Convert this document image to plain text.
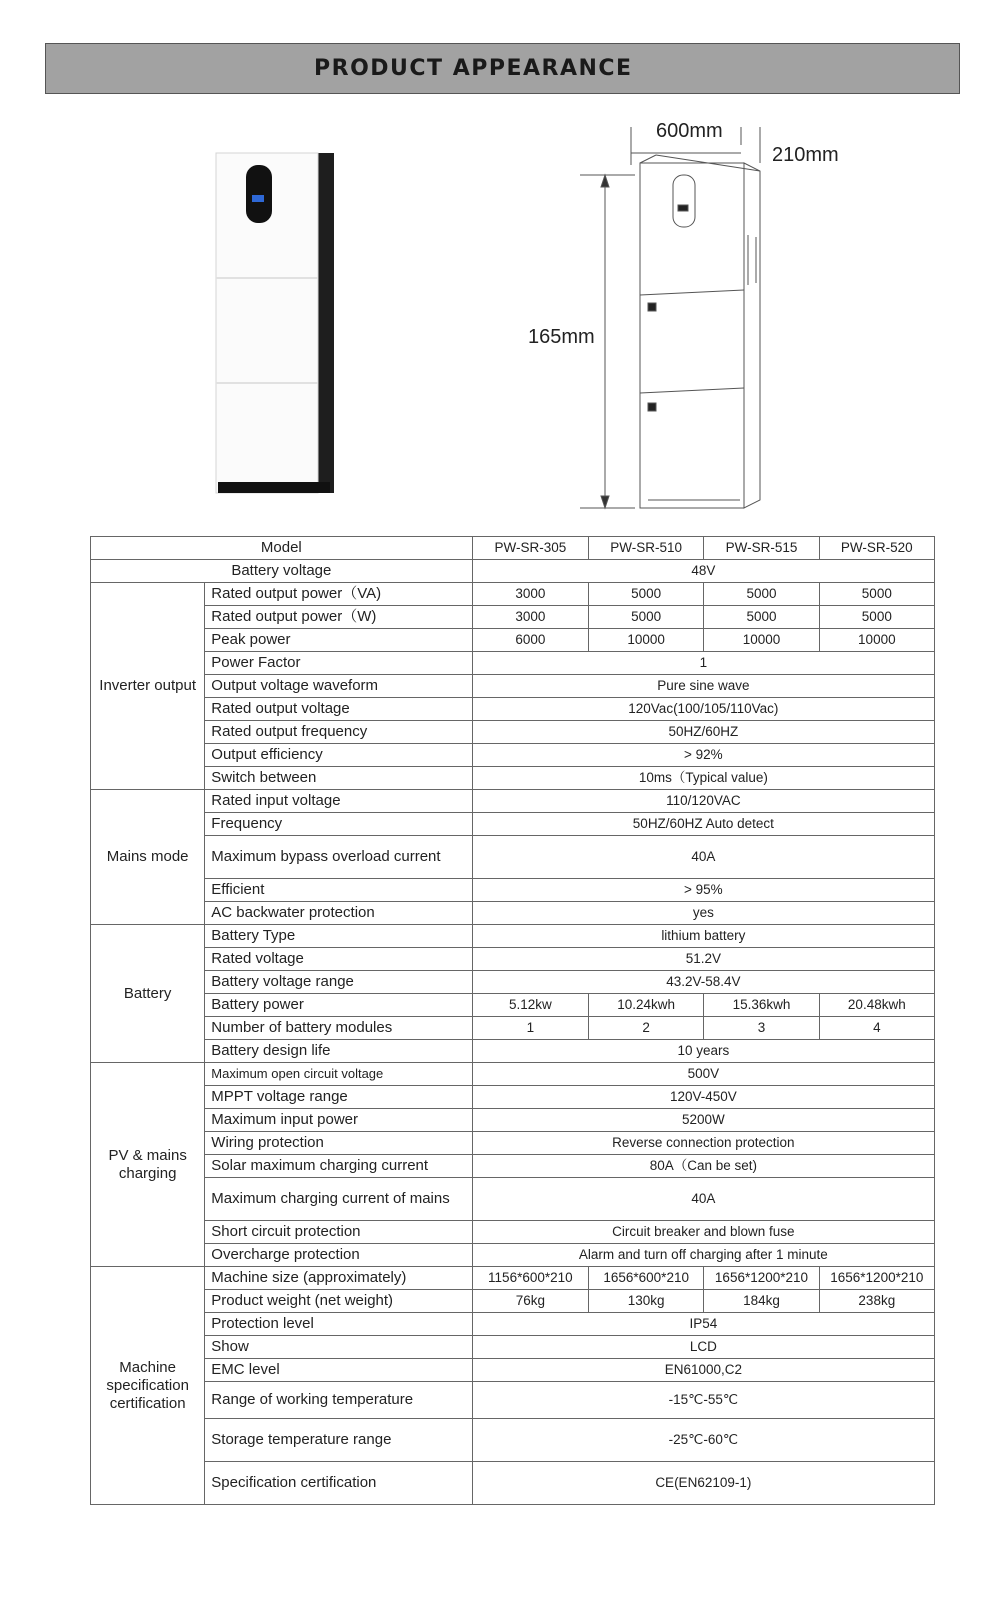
PRODUCT APPEARANCE
600mm
210mm
165mm
Model		PW-SR-305	PW-SR-510	PW-SR-515	PW-SR-520
Battery voltage		48V			
Inverter output	Rated output power（VA)	3000	5000	5000	5000
	Rated output power（W)	3000	5000	5000	5000
	Peak power	6000	10000	10000	10000
	Power Factor	1			
	Output voltage waveform	Pure sine wave			
	Rated output voltage	120Vac(100/105/110Vac)			
	Rated output frequency	50HZ/60HZ			
	Output efficiency	> 92%			
	Switch between	10ms（Typical value)			
Mains mode	Rated input voltage	110/120VAC			
	Frequency	50HZ/60HZ Auto detect			
	Maximum bypass overload current	40A			
	Efficient	> 95%			
	AC backwater protection	yes			
Battery	Battery Type	lithium battery			
	Rated voltage	51.2V			
	Battery voltage range	43.2V-58.4V			
	Battery power	5.12kw	10.24kwh	15.36kwh	20.48kwh
	Number of battery modules	1	2	3	4
	Battery design life	10 years			
PV & mains charging	Maximum open circuit voltage	500V			
	MPPT voltage range	120V-450V			
	Maximum input power	5200W			
	Wiring protection	Reverse connection protection			
	Solar maximum charging current	80A（Can be set)			
	Maximum charging current of mains	40A			
	Short circuit protection	Circuit breaker and blown fuse			
	Overcharge protection	Alarm and turn off charging after 1 minute			
Machine specification certification	Machine size (approximately)	1156*600*210	1656*600*210	1656*1200*210	1656*1200*210
	Product weight (net weight)	76kg	130kg	184kg	238kg
	Protection level	IP54			
	Show	LCD			
	EMC level	EN61000,C2			
	Range of working temperature	-15℃-55℃			
	Storage temperature range	-25℃-60℃			
	Specification certification	CE(EN62109-1)			
